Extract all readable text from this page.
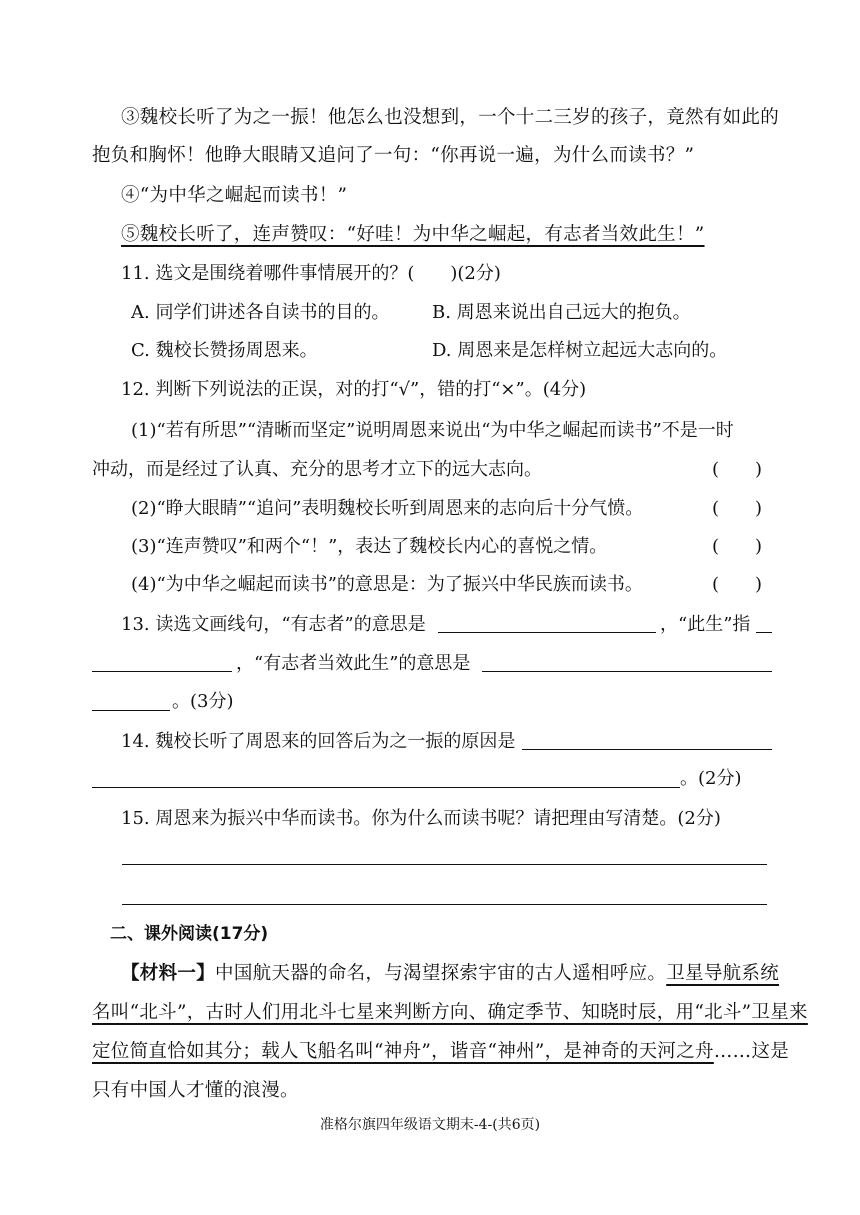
③魏校长听了为之一振！他怎么也没想到，一个十二三岁的孩子，竟然有如此的
抱负和胸怀！他睁大眼睛又追问了一句：“你再说一遍，为什么而读书？”
④“为中华之崛起而读书！”
⑤魏校长听了，连声赞叹：“好哇！为中华之崛起，有志者当效此生！”
11. 选文是围绕着哪件事情展开的？(　　)(2分)
A. 同学们讲述各自读书的目的。 B. 周恩来说出自己远大的抱负。
C. 魏校长赞扬周恩来。	D. 周恩来是怎样树立起远大志向的。
12. 判断下列说法的正误，对的打“√”，错的打“×”。(4分)
(1)“若有所思”“清晰而坚定”说明周恩来说出“为中华之崛起而读书”不是一时
冲动，而是经过了认真、充分的思考才立下的远大志向。	(　　)
(2)“睁大眼睛”“追问”表明魏校长听到周恩来的志向后十分气愤。	(　　)
(3)“连声赞叹”和两个“！”，表达了魏校长内心的喜悦之情。	(　　)
(4)“为中华之崛起而读书”的意思是：为了振兴中华民族而读书。	(　　)
13. 读选文画线句，“有志者”的意思是	，“此生”指
，“有志者当效此生”的意思是
。(3分)
14. 魏校长听了周恩来的回答后为之一振的原因是
。(2分)
15. 周恩来为振兴中华而读书。你为什么而读书呢？请把理由写清楚。(2分)
二、课外阅读(17分)
【材料一】中国航天器的命名，与渴望探索宇宙的古人遥相呼应。卫星导航系统
名叫“北斗”，古时人们用北斗七星来判断方向、确定季节、知晓时辰，用“北斗”卫星来
定位简直恰如其分；载人飞船名叫“神舟”，谐音“神州”，是神奇的天河之舟……这是
只有中国人才懂的浪漫。
准格尔旗四年级语文期末-4-(共6页)
